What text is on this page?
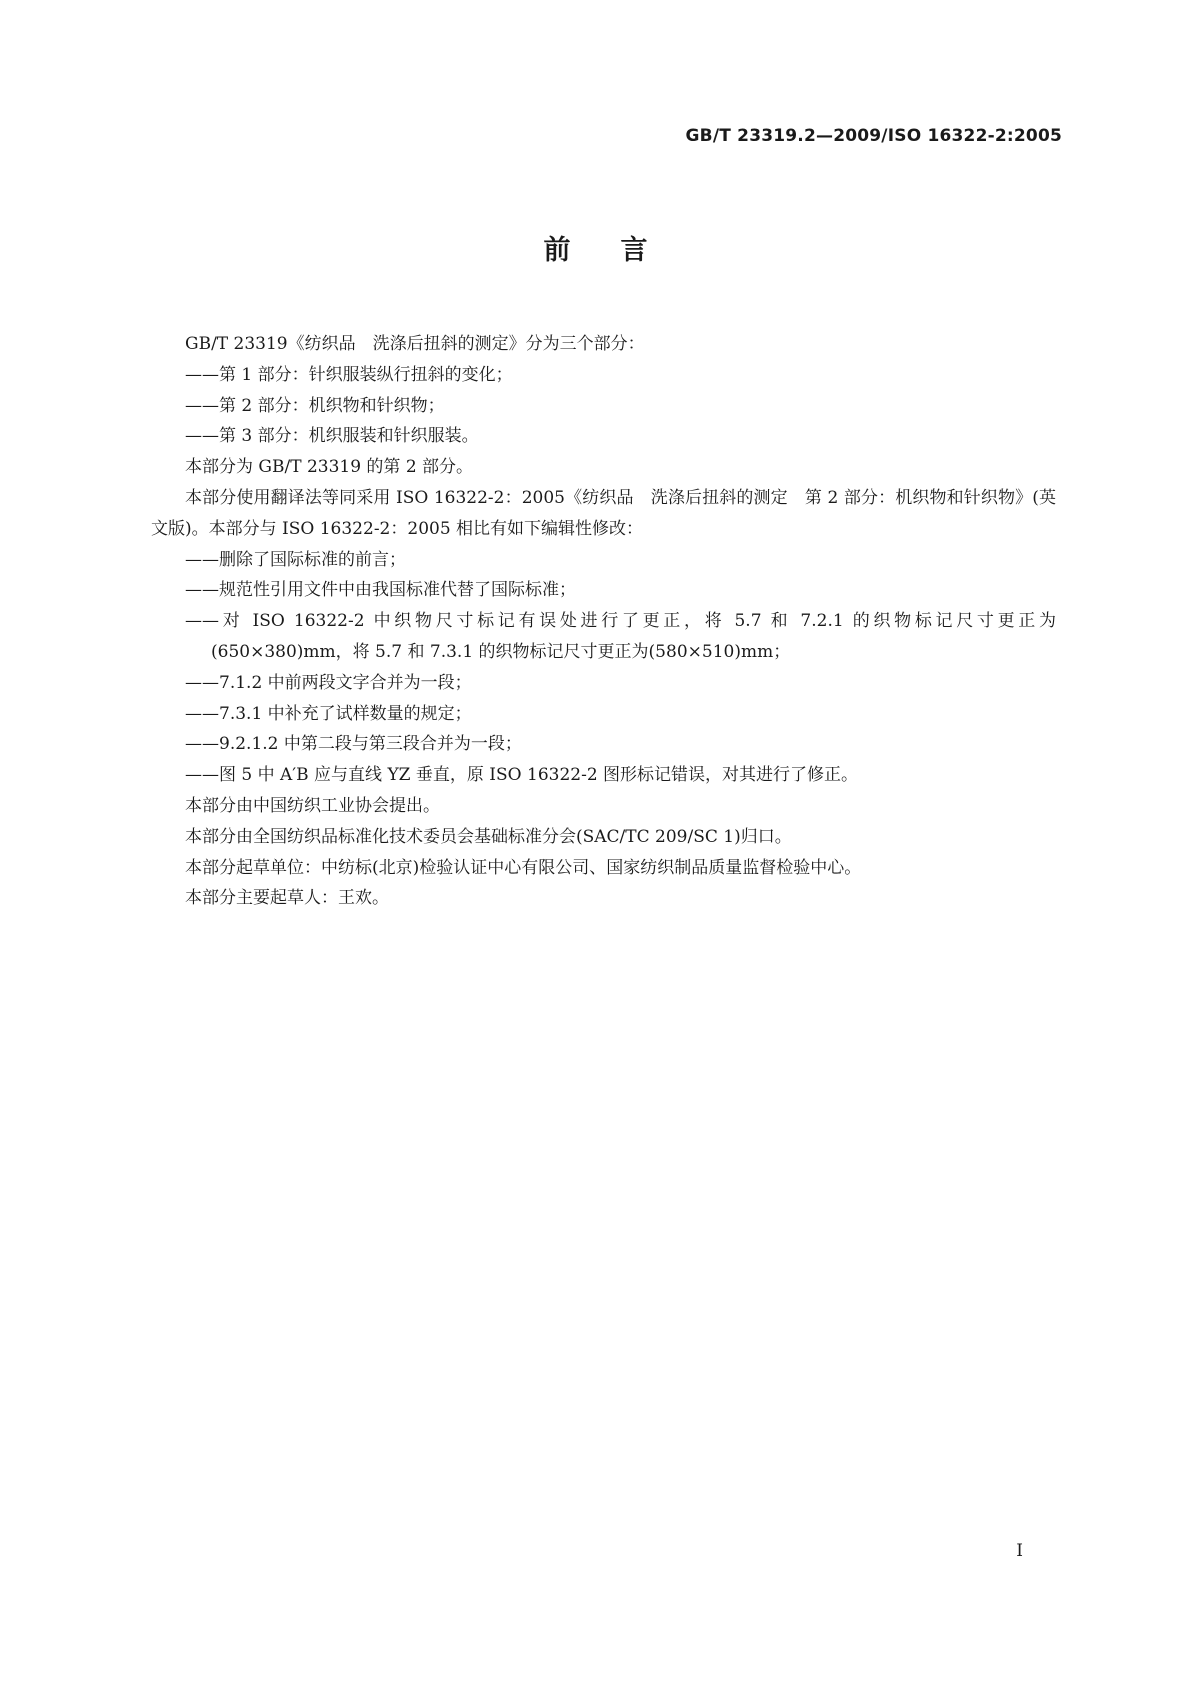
GB/T 23319.2—2009/ISO 16322-2:2005
前言

GB/T 23319《纺织品　洗涤后扭斜的测定》分为三个部分：

——第 1 部分：针织服装纵行扭斜的变化；

——第 2 部分：机织物和针织物；

——第 3 部分：机织服装和针织服装。

本部分为 GB/T 23319 的第 2 部分。

本部分使用翻译法等同采用 ISO 16322-2：2005《纺织品　洗涤后扭斜的测定　第 2 部分：机织物和针织物》(英文版)。本部分与 ISO 16322-2：2005 相比有如下编辑性修改：

——删除了国际标准的前言；

——规范性引用文件中由我国标准代替了国际标准；

——对 ISO 16322-2 中织物尺寸标记有误处进行了更正，将 5.7 和 7.2.1 的织物标记尺寸更正为(650×380)mm，将 5.7 和 7.3.1 的织物标记尺寸更正为(580×510)mm；

——7.1.2 中前两段文字合并为一段；

——7.3.1 中补充了试样数量的规定；

——9.2.1.2 中第二段与第三段合并为一段；

——图 5 中 A′B 应与直线 YZ 垂直，原 ISO 16322-2 图形标记错误，对其进行了修正。

本部分由中国纺织工业协会提出。

本部分由全国纺织品标准化技术委员会基础标准分会(SAC/TC 209/SC 1)归口。

本部分起草单位：中纺标(北京)检验认证中心有限公司、国家纺织制品质量监督检验中心。

本部分主要起草人：王欢。

I
